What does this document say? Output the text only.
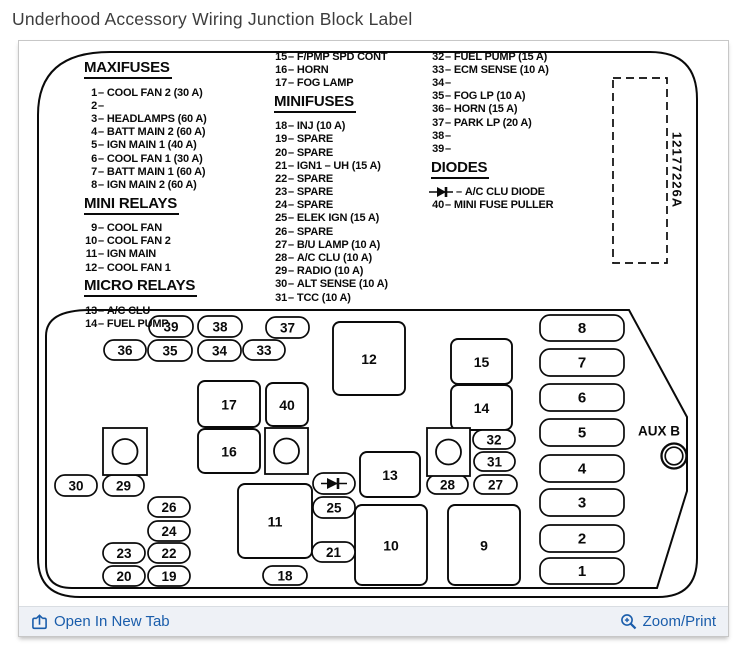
Underhood Accessory Wiring Junction Block Label
12177226A
39	38	37
36 35	34 33
12
17	40
16
15
14
13
11
10	9
8
7
6
5
4
3
2
1
32
31
28 27
30 29
25
26
24
23 22	21
20 19	18
AUX B
MAXIFUSES
1 – COOL FAN 2 (30 A)
2 –
3 – HEADLAMPS (60 A)
4 – BATT MAIN 2 (60 A)
5 – IGN MAIN 1 (40 A)
6 – COOL FAN 1 (30 A)
7 – BATT MAIN 1 (60 A)
8 – IGN MAIN 2 (60 A)
MINI RELAYS
9 – COOL FAN
10 – COOL FAN 2
11 – IGN MAIN
12 – COOL FAN 1
MICRO RELAYS
13 – A/C CLU
14 – FUEL PUMP
15 – F/PMP SPD CONT
16 – HORN
17 – FOG LAMP
MINIFUSES
18 – INJ (10 A)
19 – SPARE
20 – SPARE
21 – IGN1 – UH (15 A)
22 – SPARE
23 – SPARE
24 – SPARE
25 – ELEK IGN (15 A)
26 – SPARE
27 – B/U LAMP (10 A)
28 – A/C CLU (10 A)
29 – RADIO (10 A)
30 – ALT SENSE (10 A)
31 – TCC (10 A)
32 – FUEL PUMP (15 A)
33 – ECM SENSE (10 A)
34 –
35 – FOG LP (10 A)
36 – HORN (15 A)
37 – PARK LP (20 A)
38 –
39 –
DIODES
– A/C CLU DIODE
40 – MINI FUSE PULLER
Open In New Tab	Zoom/Print
